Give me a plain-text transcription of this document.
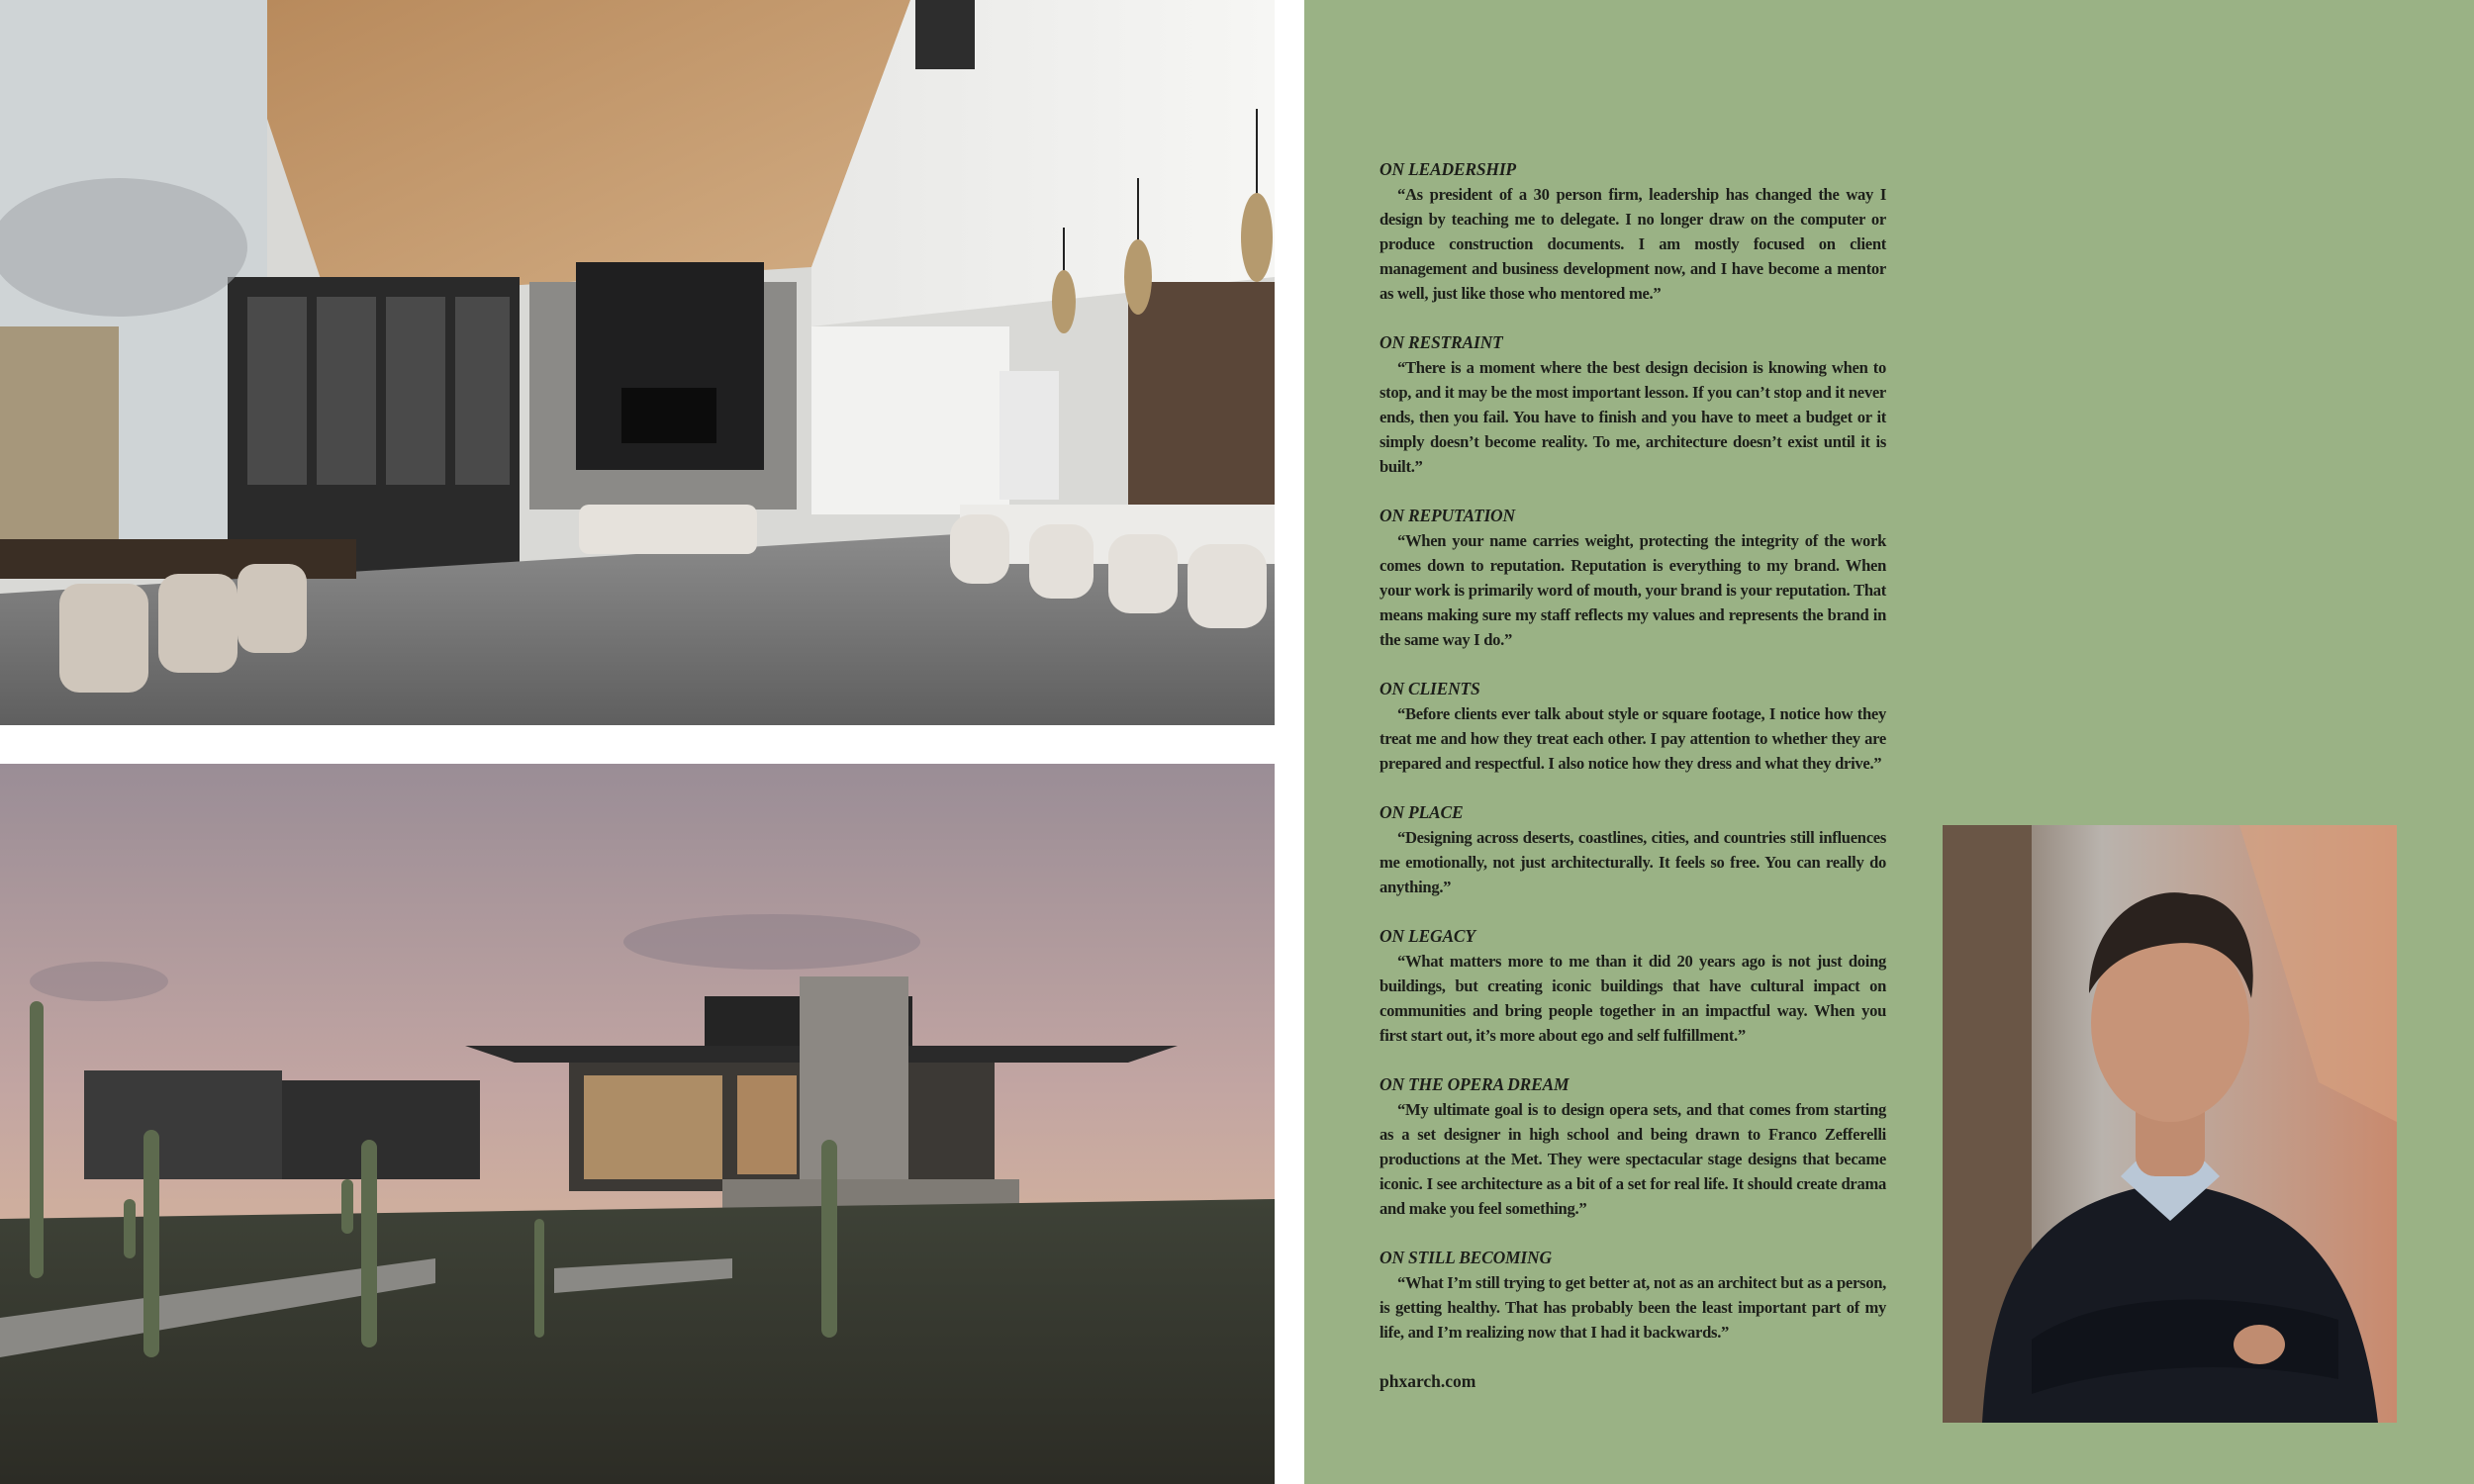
ON LEADERSHIP

“As president of a 30 person firm, leadership has changed the way I design by teaching me to delegate. I no longer draw on the computer or produce construction documents. I am mostly focused on client management and business development now, and I have become a mentor as well, just like those who mentored me.”

ON RESTRAINT

“There is a moment where the best design decision is knowing when to stop, and it may be the most important lesson. If you can’t stop and it never ends, then you fail. You have to finish and you have to meet a budget or it simply doesn’t become reality. To me, architecture doesn’t exist until it is built.”

ON REPUTATION

“When your name carries weight, protecting the integrity of the work comes down to reputation. Reputation is everything to my brand. When your work is primarily word of mouth, your brand is your reputation. That means making sure my staff reflects my values and represents the brand in the same way I do.”

ON CLIENTS

“Before clients ever talk about style or square footage, I notice how they treat me and how they treat each other. I pay attention to whether they are prepared and respectful. I also notice how they dress and what they drive.”

ON PLACE

“Designing across deserts, coastlines, cities, and countries still influences me emotionally, not just architecturally. It feels so free. You can really do anything.”

ON LEGACY

“What matters more to me than it did 20 years ago is not just doing buildings, but creating iconic buildings that have cultural impact on communities and bring people together in an impactful way. When you first start out, it’s more about ego and self fulfillment.”

ON THE OPERA DREAM

“My ultimate goal is to design opera sets, and that comes from starting as a set designer in high school and being drawn to Franco Zefferelli productions at the Met. They were spectacular stage designs that became iconic. I see architecture as a bit of a set for real life. It should create drama and make you feel something.”

ON STILL BECOMING

“What I’m still trying to get better at, not as an architect but as a person, is getting healthy. That has probably been the least important part of my life, and I’m realizing now that I had it backwards.”

phxarch.com
